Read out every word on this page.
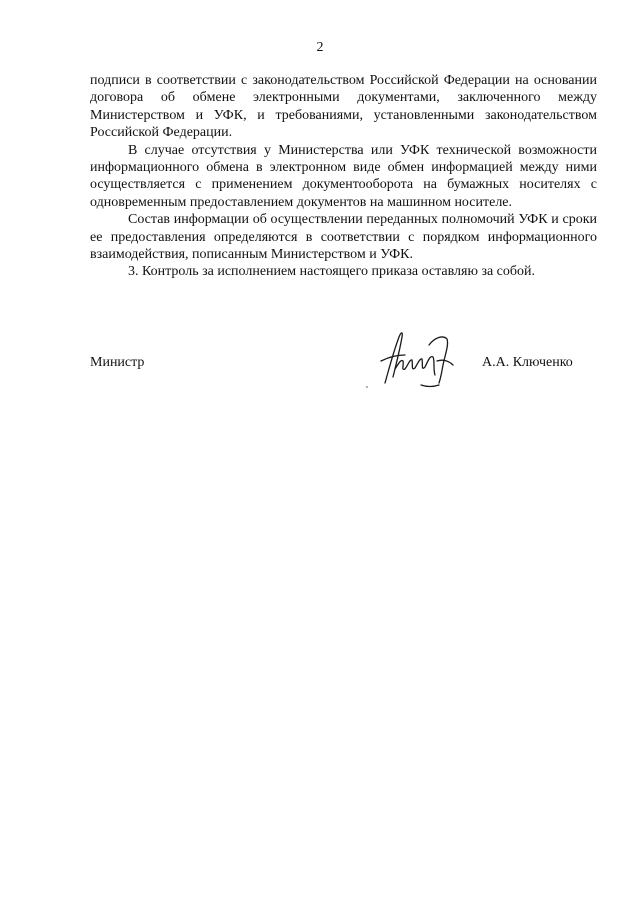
2

подписи в соответствии с законодательством Российской Федерации на основании договора об обмене электронными документами, заключенного между Министерством и УФК, и требованиями, установленными законодательством Российской Федерации.

В случае отсутствия у Министерства или УФК технической возможности информационного обмена в электронном виде обмен информацией между ними осуществляется с применением документооборота на бумажных носителях с одновременным предоставлением документов на машинном носителе.

Состав информации об осуществлении переданных полномочий УФК и сроки ее предоставления определяются в соответствии с порядком информационного взаимодействия, пописанным Министерством и УФК.

3. Контроль за исполнением настоящего приказа оставляю за собой.

Министр	А.А. Ключенко
